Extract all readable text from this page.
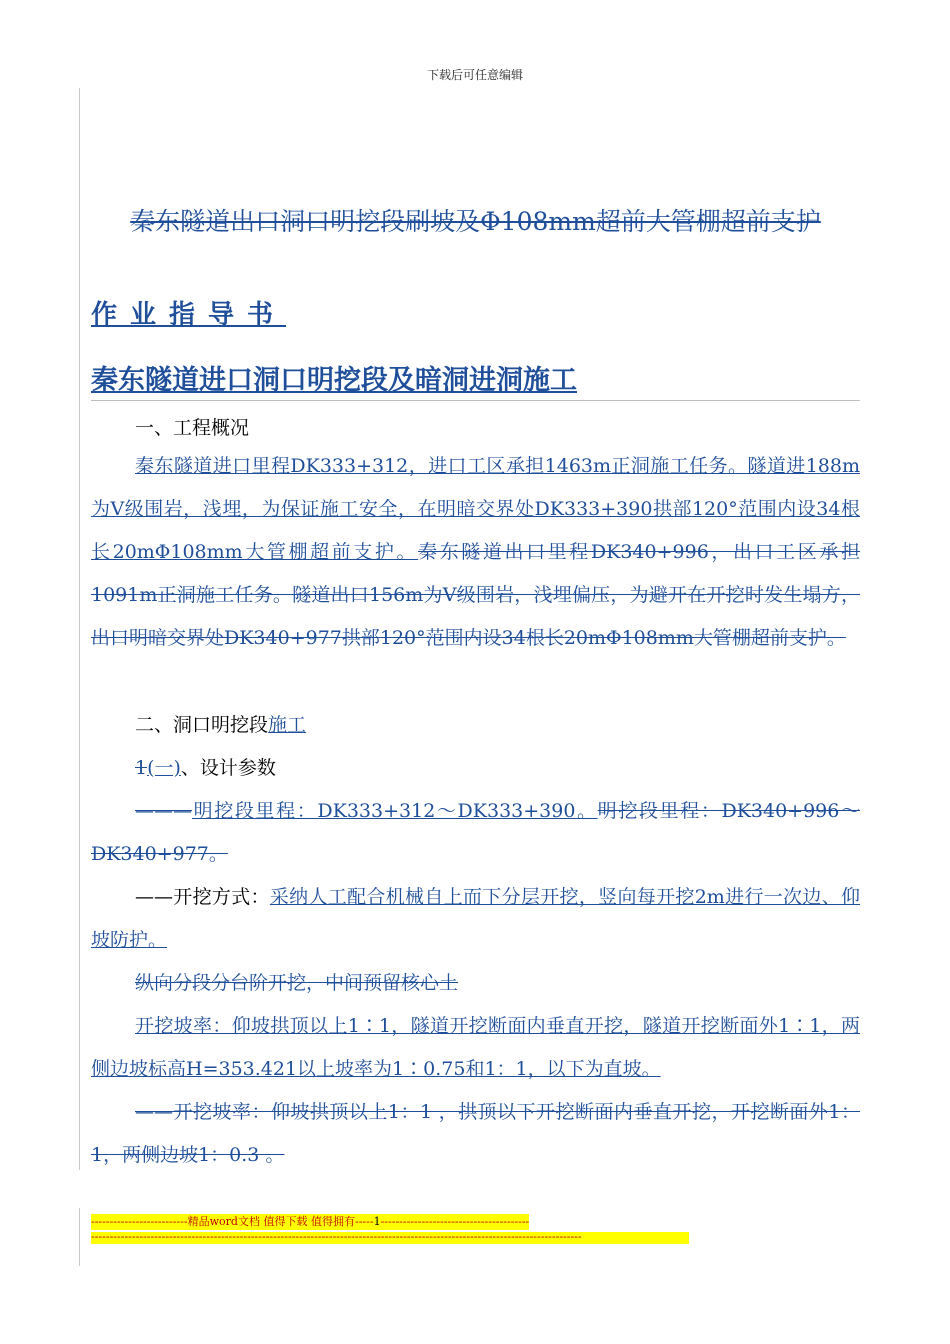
下载后可任意编辑
秦东隧道出口洞口明挖段刷坡及Φ108mm超前大管棚超前支护
作业指导书
秦东隧道进口洞口明挖段及暗洞进洞施工
一、工程概况
秦东隧道进口里程DK333+312，进口工区承担1463m正洞施工任务。隧道进188m为Ⅴ级围岩，浅埋，为保证施工安全，在明暗交界处DK333+390拱部120°范围内设34根长20mΦ108mm大管棚超前支护。秦东隧道出口里程DK340+996，出口工区承担1091m正洞施工任务。隧道出口156m为Ⅴ级围岩，浅埋偏压，为避开在开挖时发生塌方，出口明暗交界处DK340+977拱部120°范围内设34根长20mΦ108mm大管棚超前支护。
二、洞口明挖段施工
1(一)、设计参数
———明挖段里程：DK333+312～DK333+390。明挖段里程：DK340+996～DK340+977。
——开挖方式：采纳人工配合机械自上而下分层开挖，竖向每开挖2m进行一次边、仰坡防护。
纵向分段分台阶开挖，中间预留核心土
开挖坡率：仰坡拱顶以上1∶1，隧道开挖断面内垂直开挖，隧道开挖断面外1∶1，两侧边坡标高H=353.421以上坡率为1∶0.75和1：1，以下为直坡。
——开挖坡率：仰坡拱顶以上1：1 ，拱顶以下开挖断面内垂直开挖，开挖断面外1：1，两侧边坡1：0.3 。
--------------------------精品word文档 值得下载 值得拥有-----1----------------------------------------
------------------------------------------------------------------------------------------------------------------------------------
